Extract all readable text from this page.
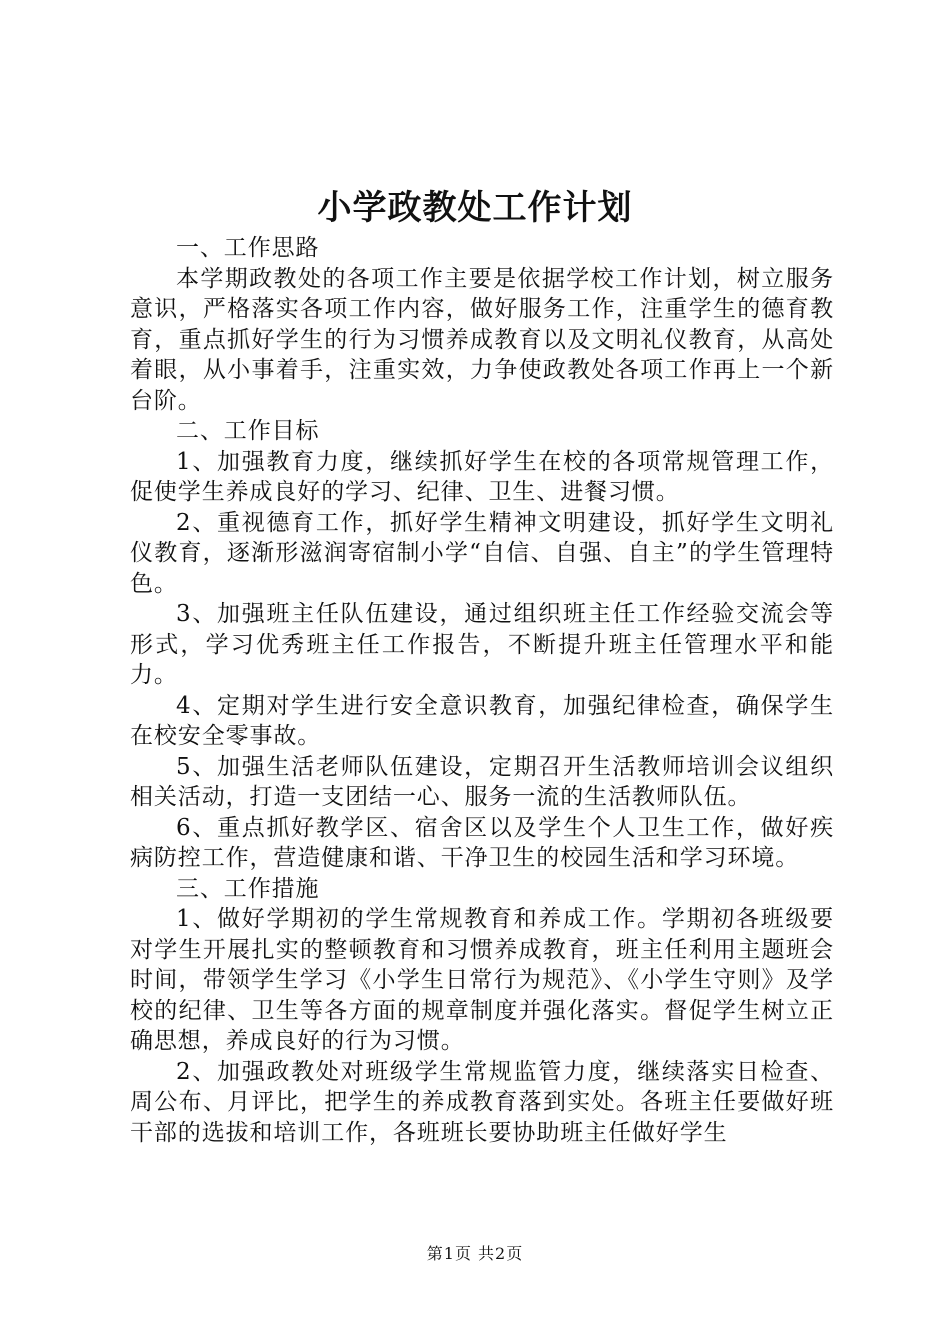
小学政教处工作计划

一、工作思路

本学期政教处的各项工作主要是依据学校工作计划，树立服务意识，严格落实各项工作内容，做好服务工作，注重学生的德育教育，重点抓好学生的行为习惯养成教育以及文明礼仪教育，从高处着眼，从小事着手，注重实效，力争使政教处各项工作再上一个新台阶。

二、工作目标

1、加强教育力度，继续抓好学生在校的各项常规管理工作，促使学生养成良好的学习、纪律、卫生、进餐习惯。

2、重视德育工作，抓好学生精神文明建设，抓好学生文明礼仪教育，逐渐形滋润寄宿制小学“自信、自强、自主”的学生管理特色。

3、加强班主任队伍建设，通过组织班主任工作经验交流会等形式，学习优秀班主任工作报告，不断提升班主任管理水平和能力。

4、定期对学生进行安全意识教育，加强纪律检查，确保学生在校安全零事故。

5、加强生活老师队伍建设，定期召开生活教师培训会议组织相关活动，打造一支团结一心、服务一流的生活教师队伍。

6、重点抓好教学区、宿舍区以及学生个人卫生工作，做好疾病防控工作，营造健康和谐、干净卫生的校园生活和学习环境。

三、工作措施

1、做好学期初的学生常规教育和养成工作。学期初各班级要对学生开展扎实的整顿教育和习惯养成教育，班主任利用主题班会时间，带领学生学习《小学生日常行为规范》、《小学生守则》及学校的纪律、卫生等各方面的规章制度并强化落实。督促学生树立正确思想，养成良好的行为习惯。

2、加强政教处对班级学生常规监管力度，继续落实日检查、周公布、月评比，把学生的养成教育落到实处。各班主任要做好班干部的选拔和培训工作，各班班长要协助班主任做好学生

第1页 共2页
